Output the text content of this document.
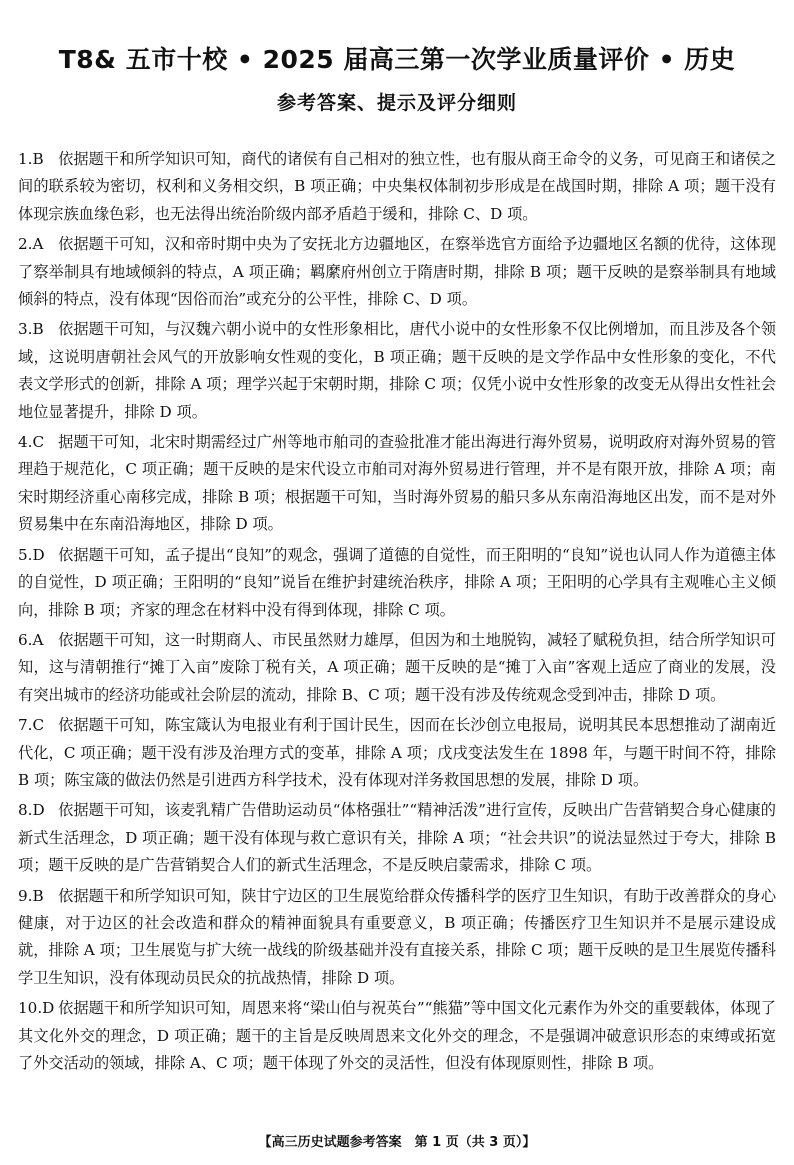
T8& 五市十校 • 2025 届高三第一次学业质量评价 • 历史
参考答案、提示及评分细则

1.B 依据题干和所学知识可知，商代的诸侯有自己相对的独立性，也有服从商王命令的义务，可见商王和诸侯之间的联系较为密切，权利和义务相交织，B 项正确；中央集权体制初步形成是在战国时期，排除 A 项；题干没有体现宗族血缘色彩，也无法得出统治阶级内部矛盾趋于缓和，排除 C、D 项。

2.A 依据题干可知，汉和帝时期中央为了安抚北方边疆地区，在察举选官方面给予边疆地区名额的优待，这体现了察举制具有地域倾斜的特点，A 项正确；羁縻府州创立于隋唐时期，排除 B 项；题干反映的是察举制具有地域倾斜的特点，没有体现“因俗而治”或充分的公平性，排除 C、D 项。

3.B 依据题干可知，与汉魏六朝小说中的女性形象相比，唐代小说中的女性形象不仅比例增加，而且涉及各个领域，这说明唐朝社会风气的开放影响女性观的变化，B 项正确；题干反映的是文学作品中女性形象的变化，不代表文学形式的创新，排除 A 项；理学兴起于宋朝时期，排除 C 项；仅凭小说中女性形象的改变无从得出女性社会地位显著提升，排除 D 项。

4.C 据题干可知，北宋时期需经过广州等地市舶司的查验批准才能出海进行海外贸易，说明政府对海外贸易的管理趋于规范化，C 项正确；题干反映的是宋代设立市舶司对海外贸易进行管理，并不是有限开放，排除 A 项；南宋时期经济重心南移完成，排除 B 项；根据题干可知，当时海外贸易的船只多从东南沿海地区出发，而不是对外贸易集中在东南沿海地区，排除 D 项。

5.D 依据题干可知，孟子提出“良知”的观念，强调了道德的自觉性，而王阳明的“良知”说也认同人作为道德主体的自觉性，D 项正确；王阳明的“良知”说旨在维护封建统治秩序，排除 A 项；王阳明的心学具有主观唯心主义倾向，排除 B 项；齐家的理念在材料中没有得到体现，排除 C 项。

6.A 依据题干可知，这一时期商人、市民虽然财力雄厚，但因为和土地脱钩，减轻了赋税负担，结合所学知识可知，这与清朝推行“摊丁入亩”废除丁税有关，A 项正确；题干反映的是“摊丁入亩”客观上适应了商业的发展，没有突出城市的经济功能或社会阶层的流动，排除 B、C 项；题干没有涉及传统观念受到冲击，排除 D 项。

7.C 依据题干可知，陈宝箴认为电报业有利于国计民生，因而在长沙创立电报局，说明其民本思想推动了湖南近代化，C 项正确；题干没有涉及治理方式的变革，排除 A 项；戊戌变法发生在 1898 年，与题干时间不符，排除 B 项；陈宝箴的做法仍然是引进西方科学技术，没有体现对洋务救国思想的发展，排除 D 项。

8.D 依据题干可知，该麦乳精广告借助运动员“体格强壮”“精神活泼”进行宣传，反映出广告营销契合身心健康的新式生活理念，D 项正确；题干没有体现与救亡意识有关，排除 A 项；“社会共识”的说法显然过于夸大，排除 B 项；题干反映的是广告营销契合人们的新式生活理念，不是反映启蒙需求，排除 C 项。

9.B 依据题干和所学知识可知，陕甘宁边区的卫生展览给群众传播科学的医疗卫生知识，有助于改善群众的身心健康，对于边区的社会改造和群众的精神面貌具有重要意义，B 项正确；传播医疗卫生知识并不是展示建设成就，排除 A 项；卫生展览与扩大统一战线的阶级基础并没有直接关系，排除 C 项；题干反映的是卫生展览传播科学卫生知识，没有体现动员民众的抗战热情，排除 D 项。

10.D 依据题干和所学知识可知，周恩来将“梁山伯与祝英台”“熊猫”等中国文化元素作为外交的重要载体，体现了其文化外交的理念，D 项正确；题干的主旨是反映周恩来文化外交的理念，不是强调冲破意识形态的束缚或拓宽了外交活动的领域，排除 A、C 项；题干体现了外交的灵活性，但没有体现原则性，排除 B 项。

【高三历史试题参考答案　第 1 页（共 3 页）】
